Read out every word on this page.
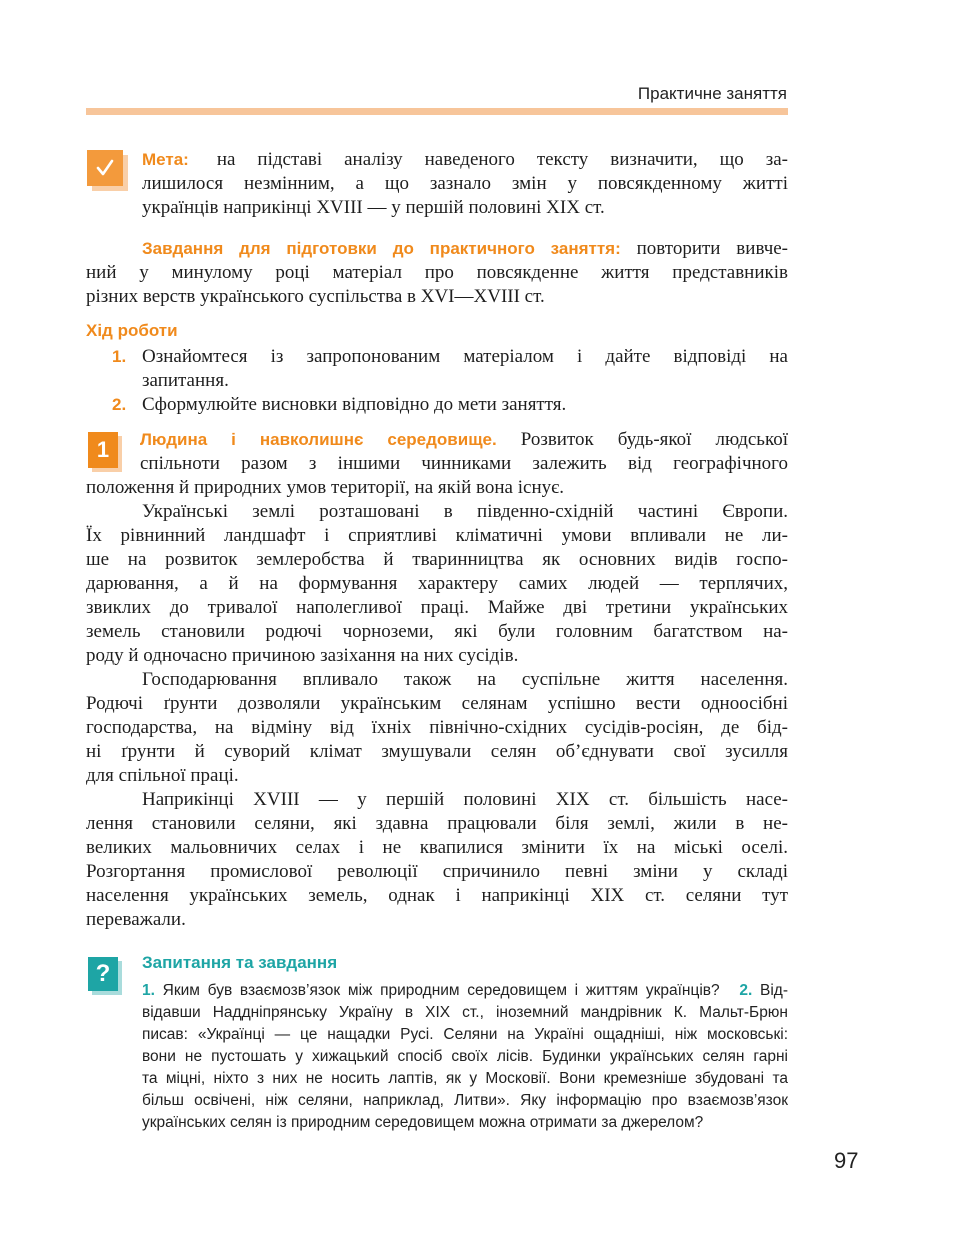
Практичне заняття
Мета: на підставі аналізу наведеного тексту визначити, що за-
лишилося незмінним, а що зазнало змін у повсякденному житті
українців наприкінці XVIII — у першій половині XIX ст.
Завдання для підготовки до практичного заняття: повторити вивче-
ний у минулому році матеріал про повсякденне життя представників
різних верств українського суспільства в XVI—XVIII ст.
Хід роботи
1. Ознайомтеся із запропонованим матеріалом і дайте відповіді на
запитання.
2. Сформулюйте висновки відповідно до мети заняття.
1	Людина і навколишнє середовище. Розвиток будь-якої людської
спільноти разом з іншими чинниками залежить від географічного
положення й природних умов території, на якій вона існує.
Українські землі розташовані в південно-східній частині Європи.
Їх рівнинний ландшафт і сприятливі кліматичні умови впливали не ли-
ше на розвиток землеробства й тваринництва як основних видів госпо-
дарювання, а й на формування характеру самих людей — терплячих,
звиклих до тривалої наполегливої праці. Майже дві третини українських
земель становили родючі чорноземи, які були головним багатством на-
роду й одночасно причиною зазіхання на них сусідів.
Господарювання впливало також на суспільне життя населення.
Родючі ґрунти дозволяли українським селянам успішно вести одноосібні
господарства, на відміну від їхніх північно-східних сусідів-росіян, де бід-
ні ґрунти й суворий клімат змушували селян об’єднувати свої зусилля
для спільної праці.
Наприкінці XVIII — у першій половині XIX ст. більшість насе-
лення становили селяни, які здавна працювали біля землі, жили в не-
великих мальовничих селах і не квапилися змінити їх на міські оселі.
Розгортання промислової революції спричинило певні зміни у складі
населення українських земель, однак і наприкінці XIX ст. селяни тут
переважали.
?	Запитання та завдання
1. Яким був взаємозв’язок між природним середовищем і життям українців? 2. Від-
відавши Наддніпрянську Україну в XIX ст., іноземний мандрівник К. Мальт-Брюн
писав: «Українці — це нащадки Русі. Селяни на Україні ощадніші, ніж московські:
вони не пустошать у хижацький спосіб своїх лісів. Будинки українських селян гарні
та міцні, ніхто з них не носить лаптів, як у Московії. Вони кремезніше збудовані та
більш освічені, ніж селяни, наприклад, Литви». Яку інформацію про взаємозв’язок
українських селян із природним середовищем можна отримати за джерелом?
97
